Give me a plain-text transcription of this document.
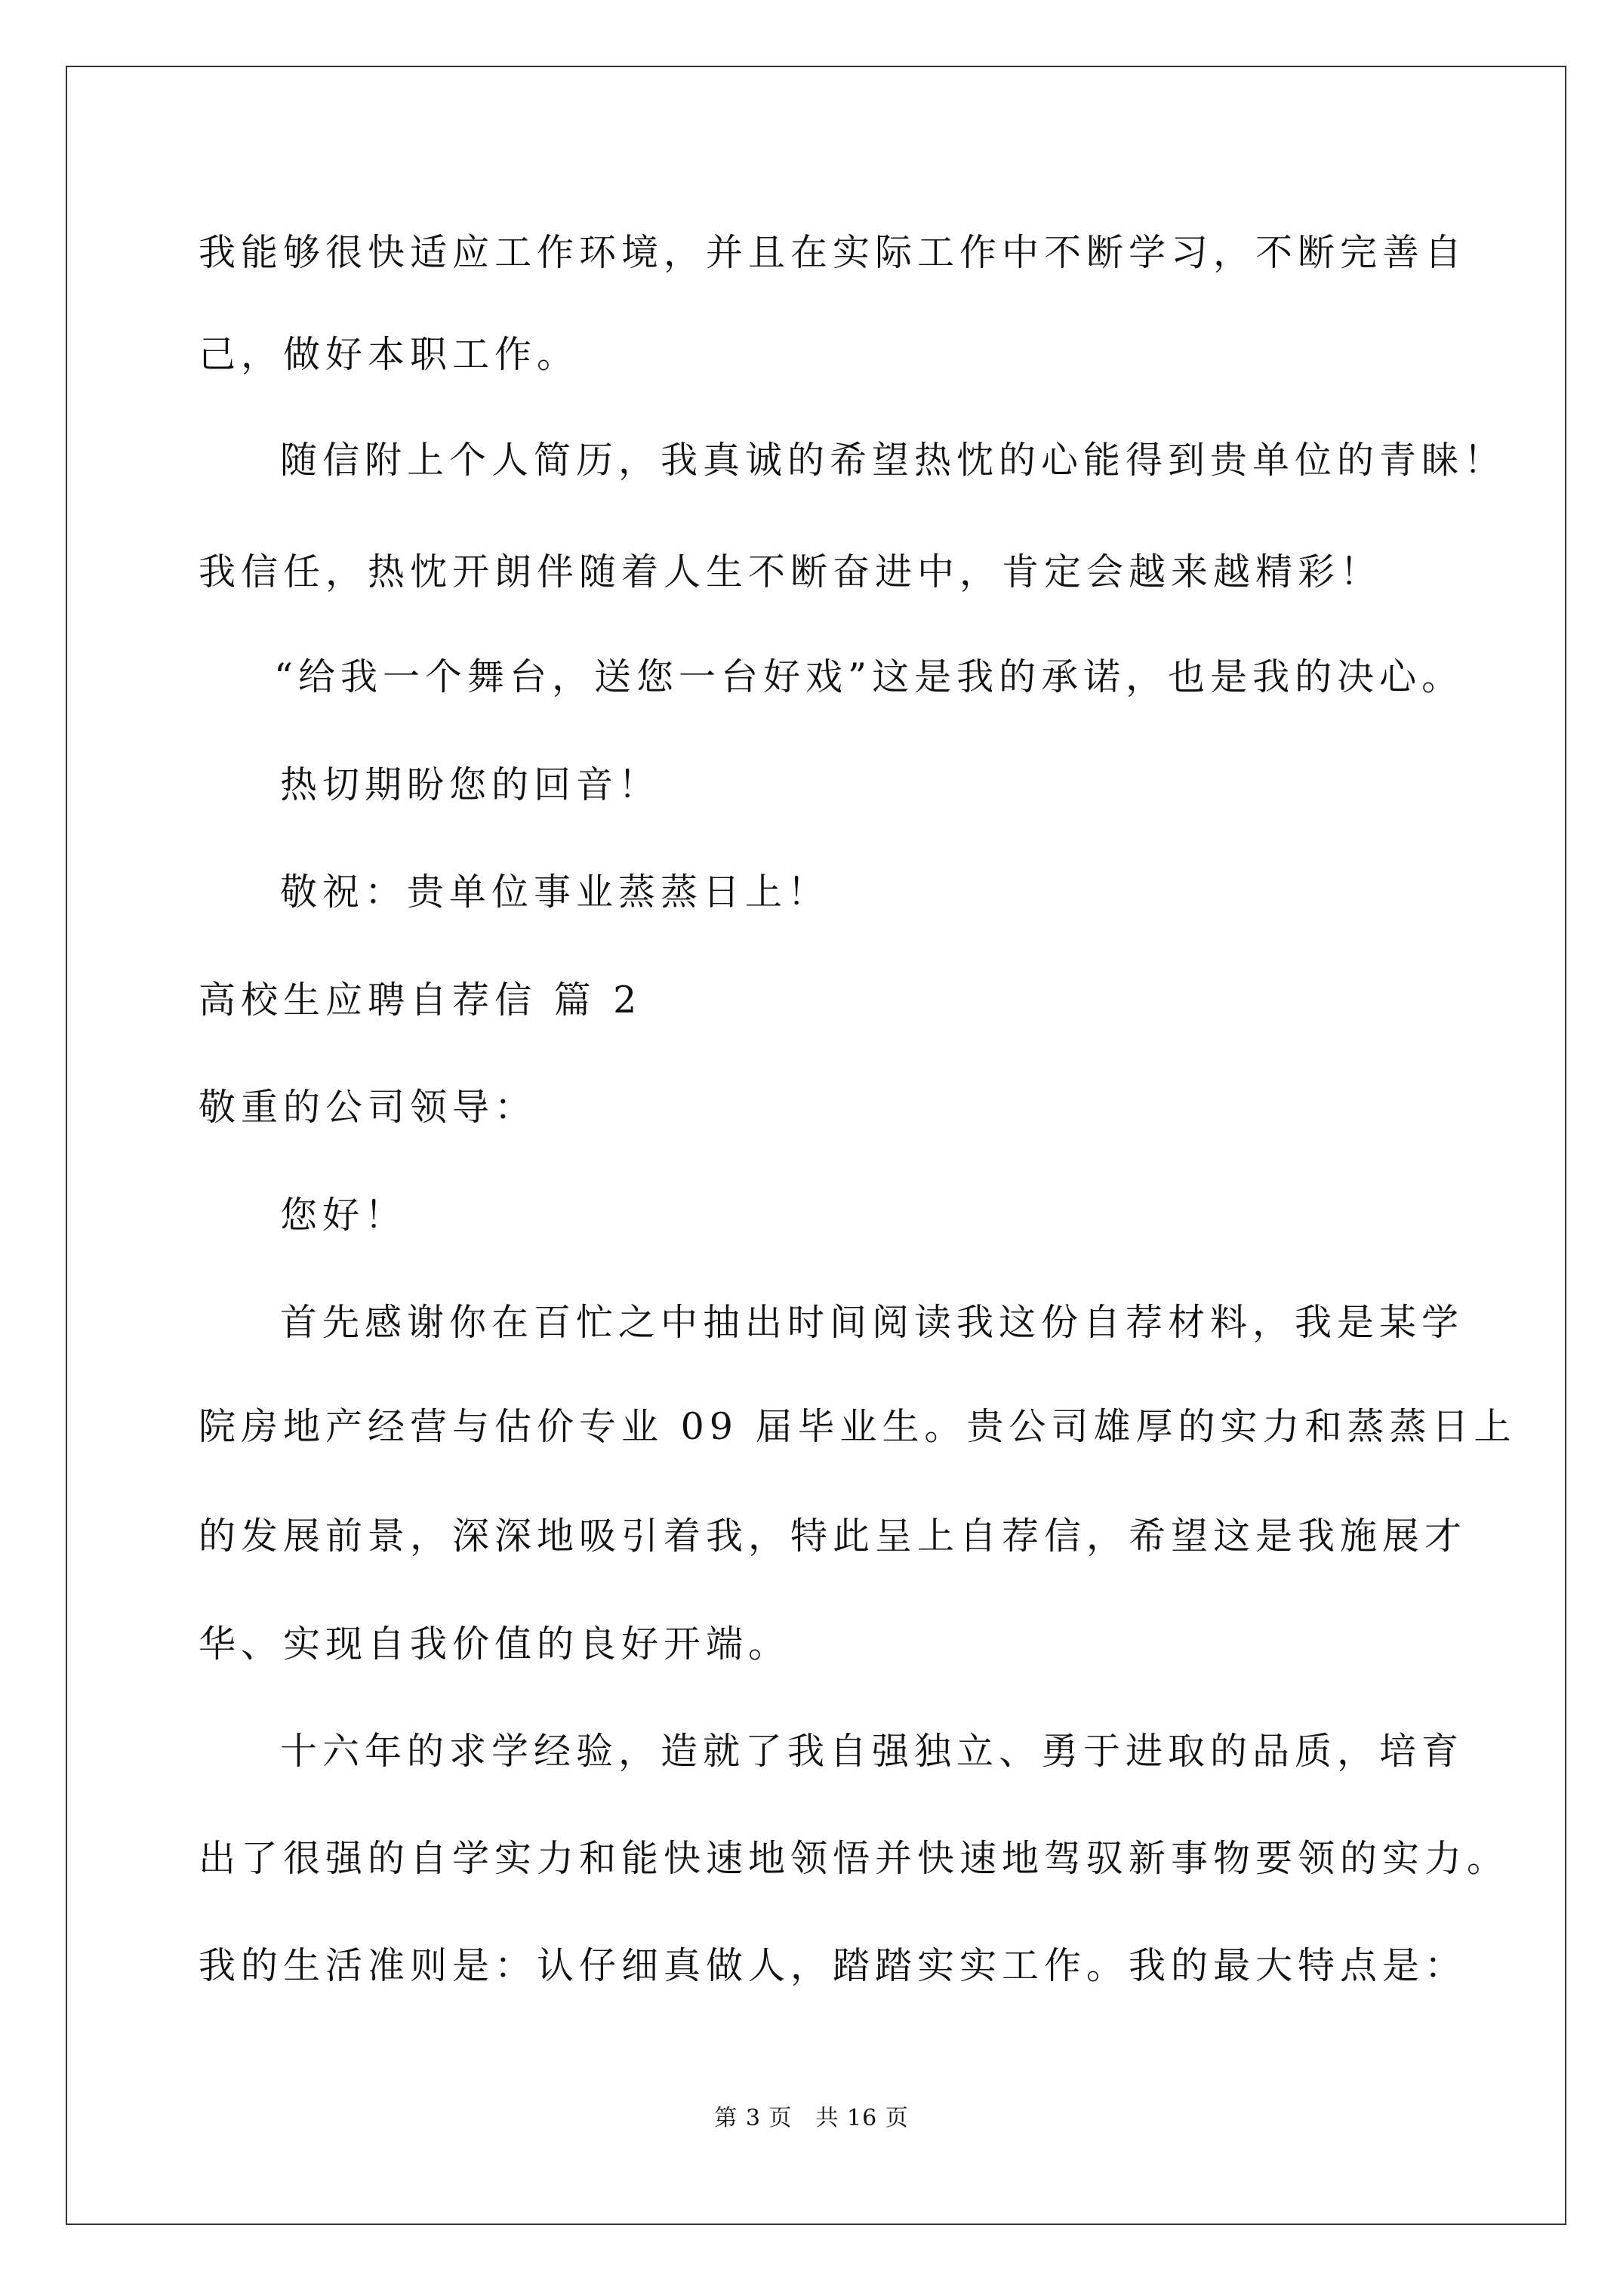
我能够很快适应工作环境，并且在实际工作中不断学习，不断完善自
己，做好本职工作。
随信附上个人简历，我真诚的希望热忱的心能得到贵单位的青睐！
我信任，热忱开朗伴随着人生不断奋进中，肯定会越来越精彩！
“给我一个舞台，送您一台好戏”这是我的承诺，也是我的决心。
热切期盼您的回音！
敬祝：贵单位事业蒸蒸日上！
高校生应聘自荐信 篇 2
敬重的公司领导：
您好！
首先感谢你在百忙之中抽出时间阅读我这份自荐材料，我是某学
院房地产经营与估价专业 09 届毕业生。贵公司雄厚的实力和蒸蒸日上
的发展前景，深深地吸引着我，特此呈上自荐信，希望这是我施展才
华、实现自我价值的良好开端。
十六年的求学经验，造就了我自强独立、勇于进取的品质，培育
出了很强的自学实力和能快速地领悟并快速地驾驭新事物要领的实力。
我的生活准则是：认仔细真做人，踏踏实实工作。我的最大特点是：
第 3 页　共 16 页
